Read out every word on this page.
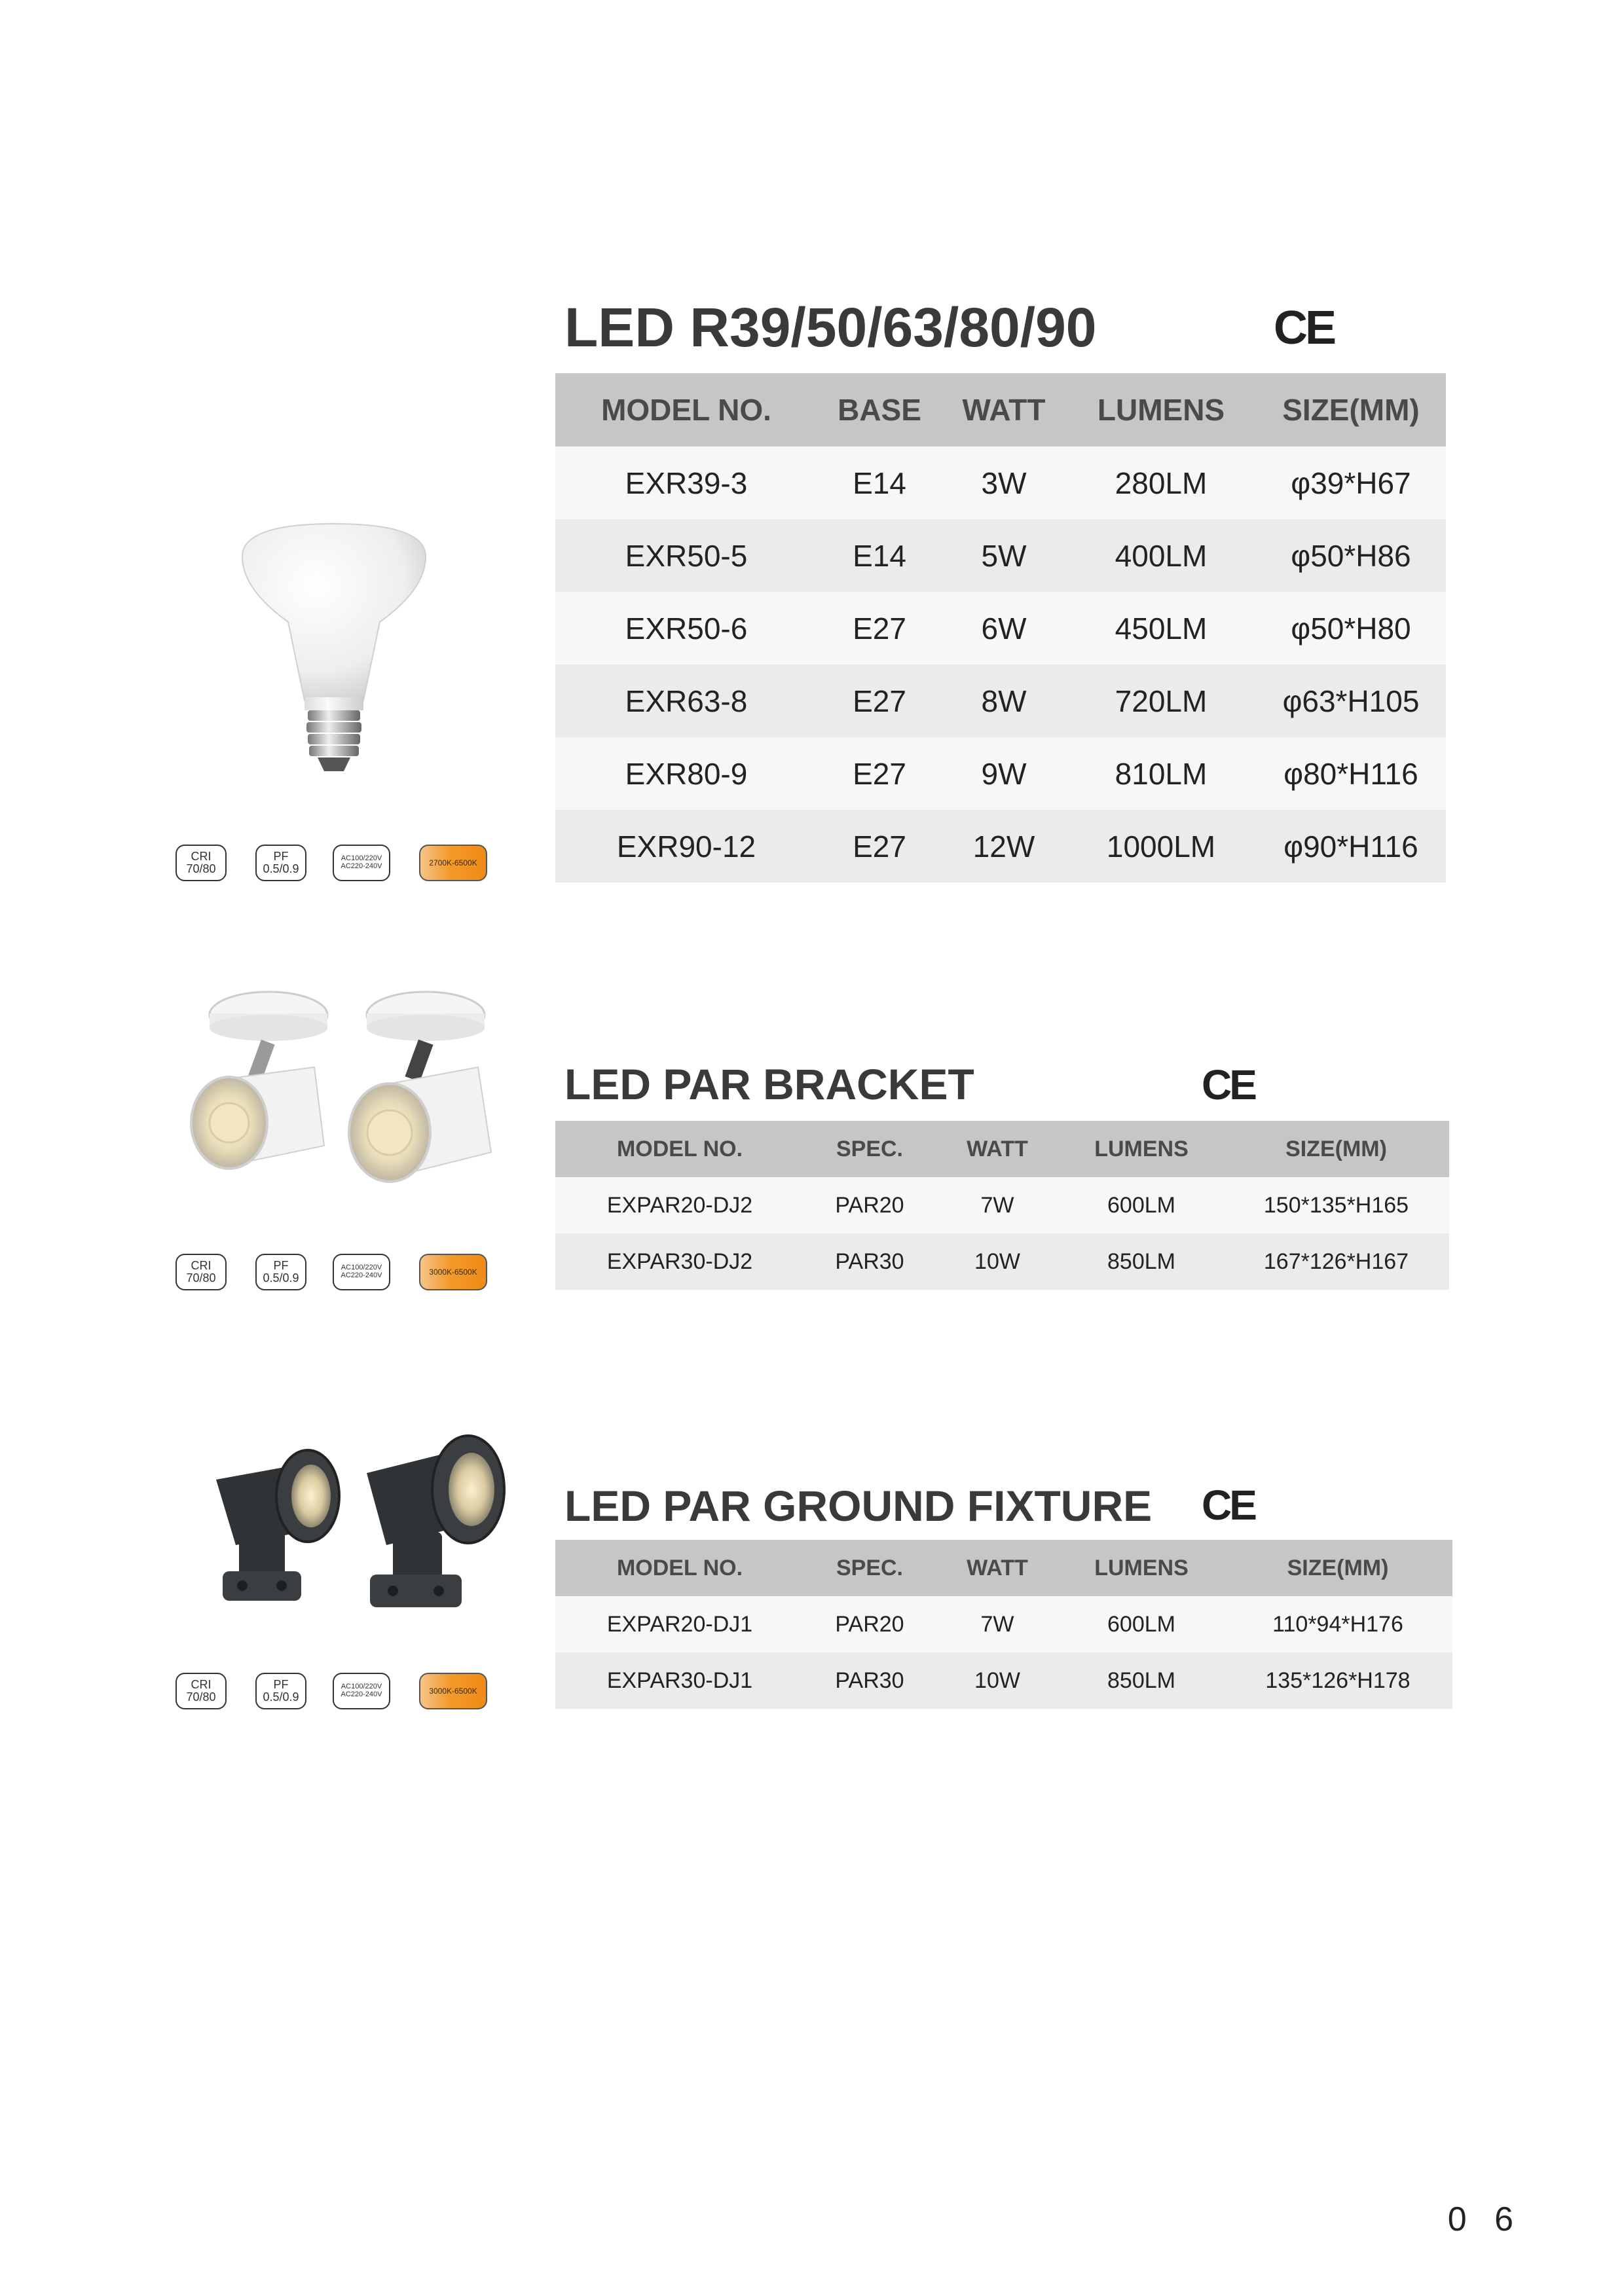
LED R39/50/63/80/90	CE
CRI
70/80
PF
0.5/0.9
AC100/220V
AC220-240V	2700K-6500K
MODEL NO.	BASE	WATT	LUMENS	SIZE(MM)
EXR39-3	E14	3W	280LM	φ39*H67
EXR50-5	E14	5W	400LM	φ50*H86
EXR50-6	E27	6W	450LM	φ50*H80
EXR63-8	E27	8W	720LM	φ63*H105
EXR80-9	E27	9W	810LM	φ80*H116
EXR90-12	E27	12W	1000LM	φ90*H116
LED PAR BRACKET	CE
CRI
70/80
PF
0.5/0.9
AC100/220V
AC220-240V	3000K-6500K
MODEL NO.	SPEC.	WATT	LUMENS	SIZE(MM)
EXPAR20-DJ2	PAR20	7W	600LM	150*135*H165
EXPAR30-DJ2	PAR30	10W	850LM	167*126*H167
LED PAR GROUND FIXTURE CE
CRI
70/80
PF
0.5/0.9
AC100/220V
AC220-240V	3000K-6500K
MODEL NO.	SPEC.	WATT	LUMENS	SIZE(MM)
EXPAR20-DJ1	PAR20	7W	600LM	110*94*H176
EXPAR30-DJ1	PAR30	10W	850LM	135*126*H178
0 6
